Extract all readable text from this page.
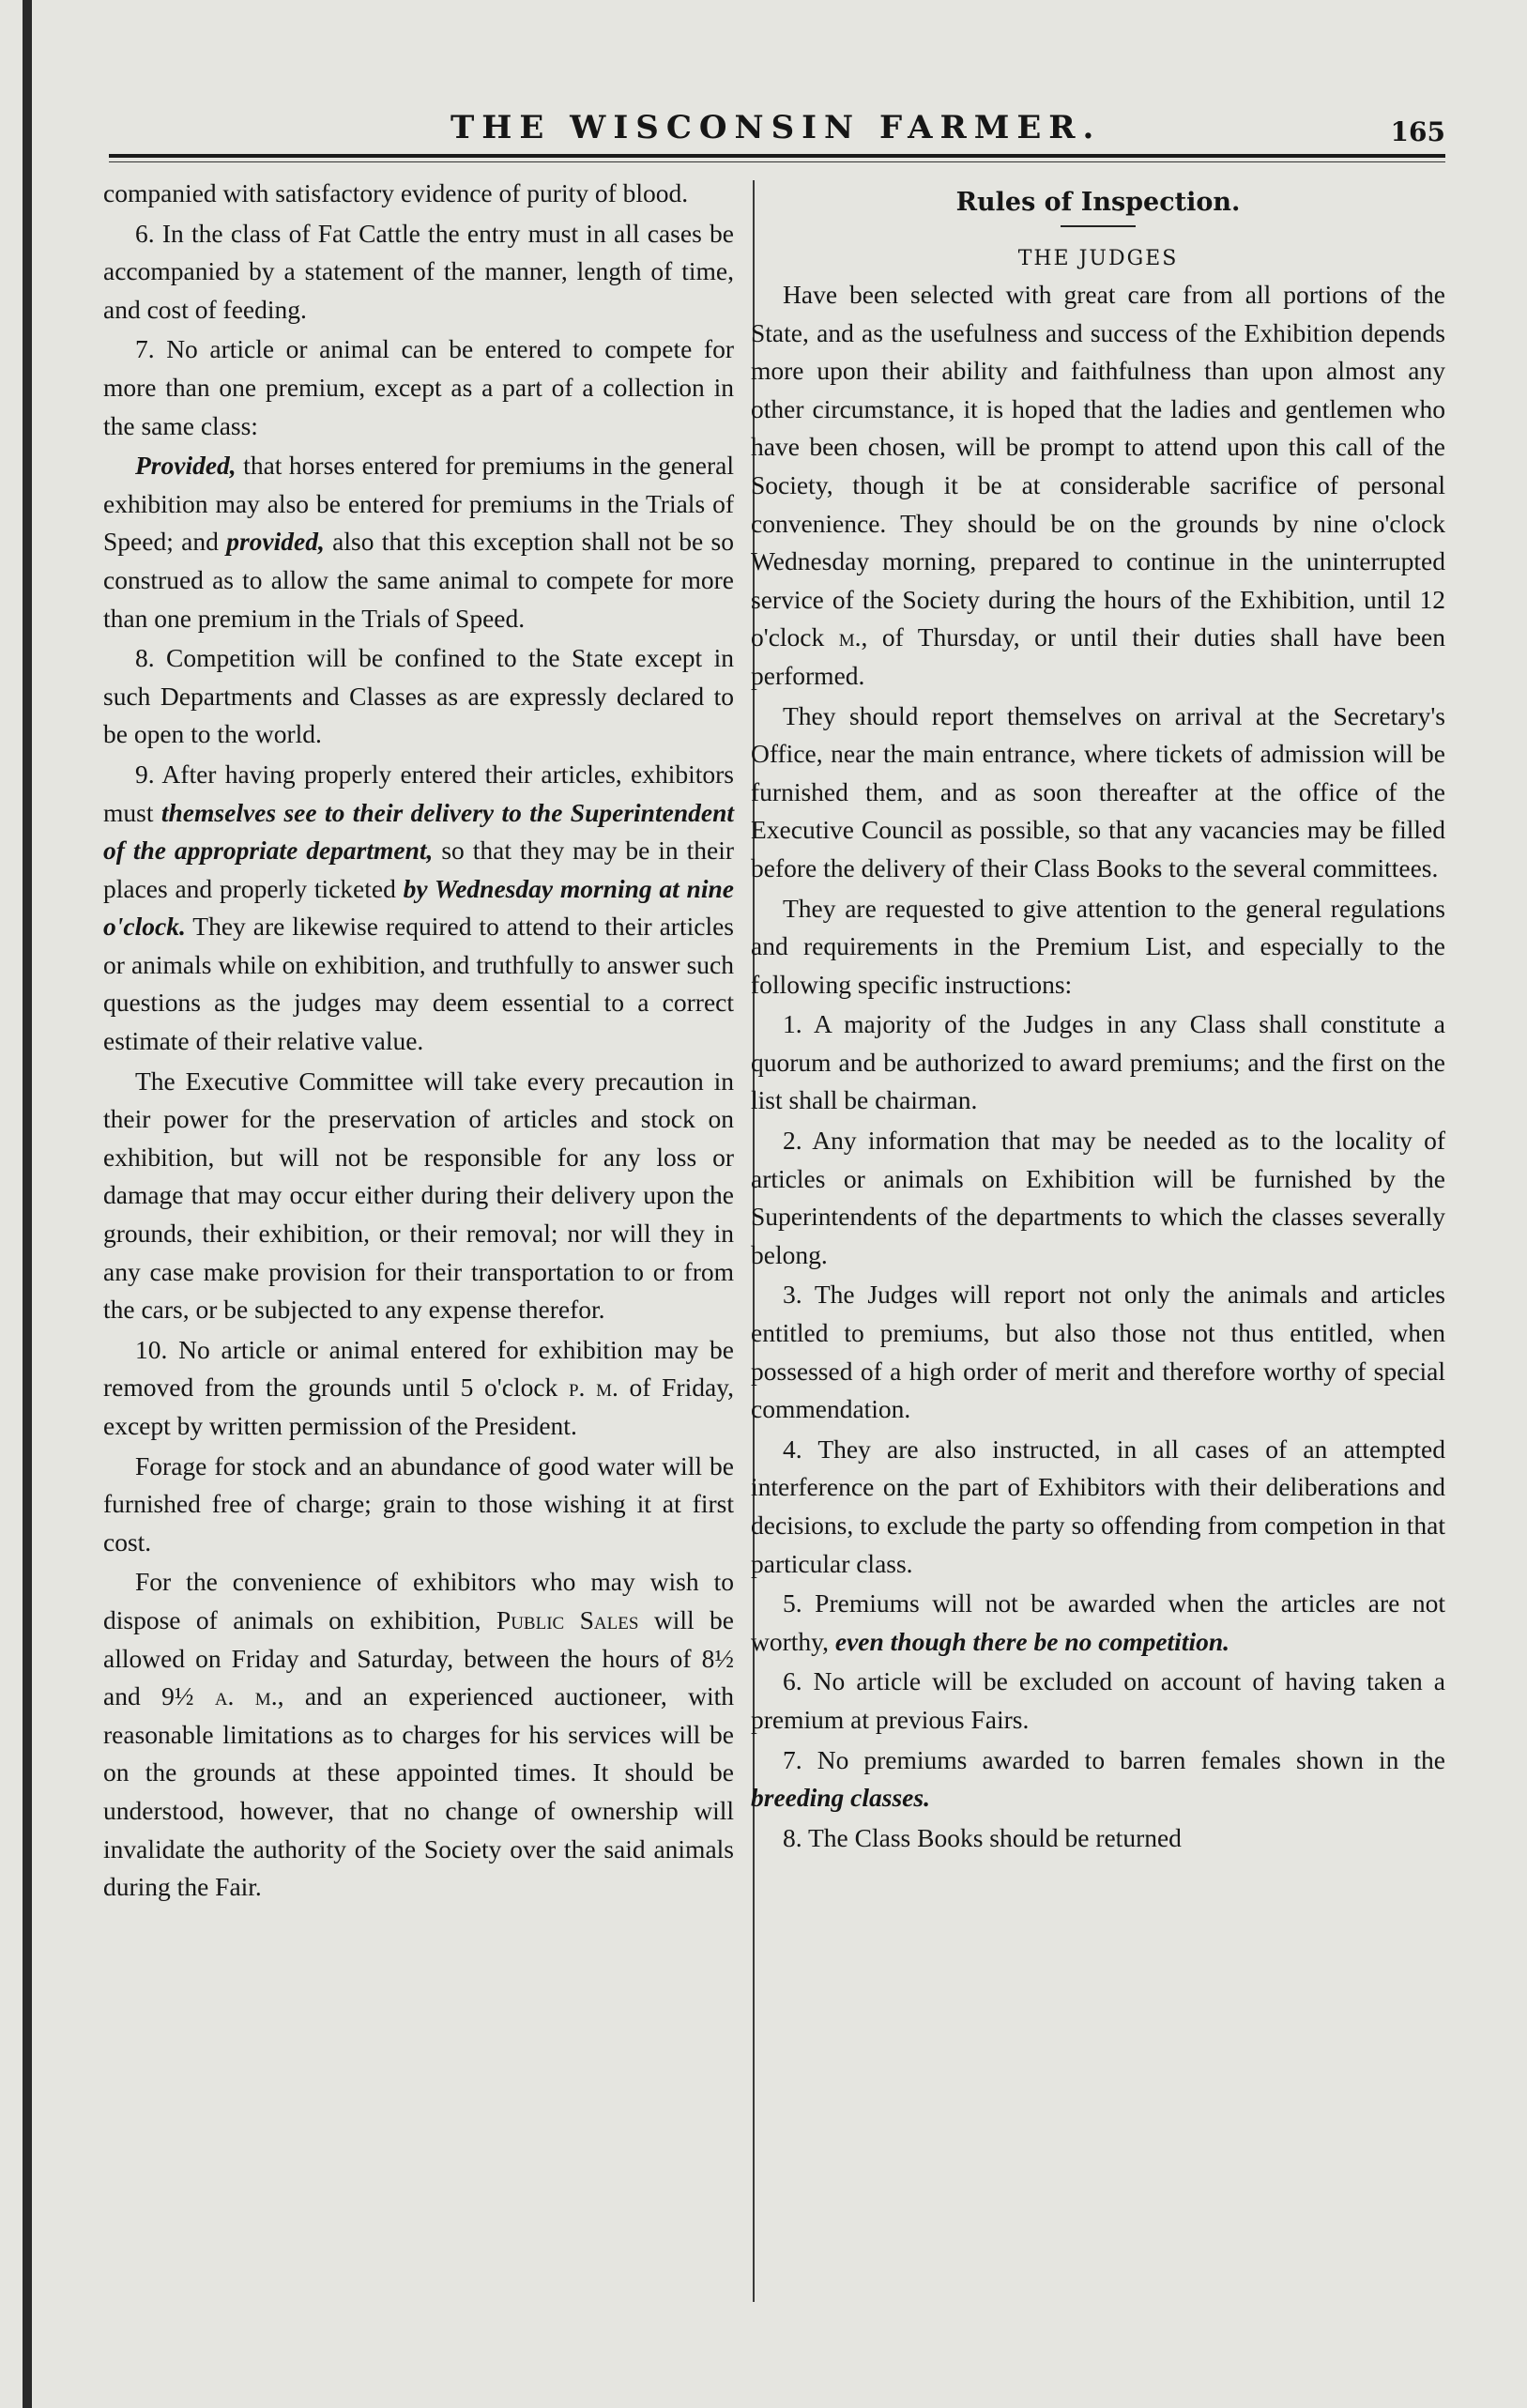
THE WISCONSIN FARMER.	165

companied with satisfactory evidence of purity of blood.

6. In the class of Fat Cattle the entry must in all cases be accompanied by a statement of the manner, length of time, and cost of feeding.

7. No article or animal can be entered to compete for more than one premium, except as a part of a collection in the same class:

Provided, that horses entered for premiums in the general exhibition may also be entered for premiums in the Trials of Speed; and provided, also that this exception shall not be so construed as to allow the same animal to compete for more than one premium in the Trials of Speed.

8. Competition will be confined to the State except in such Departments and Classes as are expressly declared to be open to the world.

9. After having properly entered their articles, exhibitors must themselves see to their delivery to the Superintendent of the appropriate department, so that they may be in their places and properly ticketed by Wednesday morning at nine o'clock. They are likewise required to attend to their articles or animals while on exhibition, and truthfully to answer such questions as the judges may deem essential to a correct estimate of their relative value.

The Executive Committee will take every precaution in their power for the preservation of articles and stock on exhibition, but will not be responsible for any loss or damage that may occur either during their delivery upon the grounds, their exhibition, or their removal; nor will they in any case make provision for their transportation to or from the cars, or be subjected to any expense therefor.

10. No article or animal entered for exhibition may be removed from the grounds until 5 o'clock p. m. of Friday, except by written permission of the President.

Forage for stock and an abundance of good water will be furnished free of charge; grain to those wishing it at first cost.

For the convenience of exhibitors who may wish to dispose of animals on exhibition, Public Sales will be allowed on Friday and Saturday, between the hours of 8½ and 9½ a. m., and an experienced auctioneer, with reasonable limitations as to charges for his services will be on the grounds at these appointed times. It should be understood, however, that no change of ownership will invalidate the authority of the Society over the said animals during the Fair.

Rules of Inspection.
THE JUDGES

Have been selected with great care from all portions of the State, and as the usefulness and success of the Exhibition depends more upon their ability and faithfulness than upon almost any other circumstance, it is hoped that the ladies and gentlemen who have been chosen, will be prompt to attend upon this call of the Society, though it be at considerable sacrifice of personal convenience. They should be on the grounds by nine o'clock Wednesday morning, prepared to continue in the uninterrupted service of the Society during the hours of the Exhibition, until 12 o'clock m., of Thursday, or until their duties shall have been performed.

They should report themselves on arrival at the Secretary's Office, near the main entrance, where tickets of admission will be furnished them, and as soon thereafter at the office of the Executive Council as possible, so that any vacancies may be filled before the delivery of their Class Books to the several committees.

They are requested to give attention to the general regulations and requirements in the Premium List, and especially to the following specific instructions:

1. A majority of the Judges in any Class shall constitute a quorum and be authorized to award premiums; and the first on the list shall be chairman.

2. Any information that may be needed as to the locality of articles or animals on Exhibition will be furnished by the Superintendents of the departments to which the classes severally belong.

3. The Judges will report not only the animals and articles entitled to premiums, but also those not thus entitled, when possessed of a high order of merit and therefore worthy of special commendation.

4. They are also instructed, in all cases of an attempted interference on the part of Exhibitors with their deliberations and decisions, to exclude the party so offending from competion in that particular class.

5. Premiums will not be awarded when the articles are not worthy, even though there be no competition.

6. No article will be excluded on account of having taken a premium at previous Fairs.

7. No premiums awarded to barren females shown in the breeding classes.

8. The Class Books should be returned
